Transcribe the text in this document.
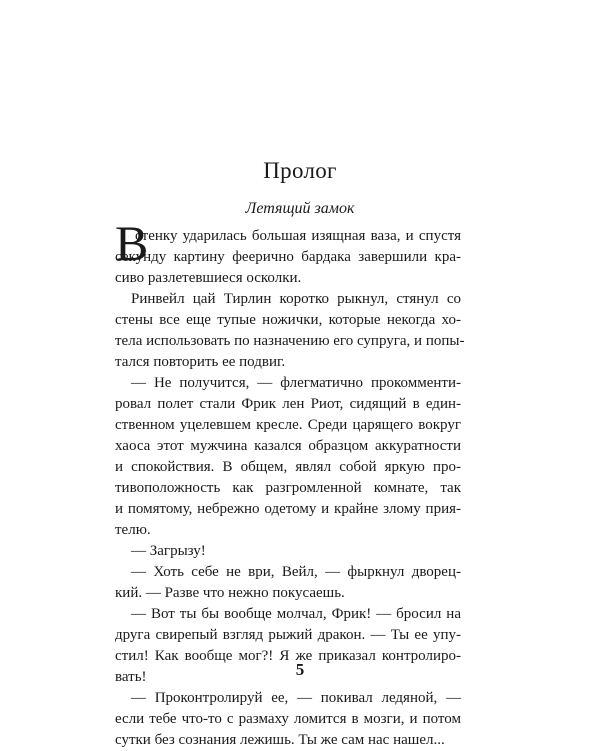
Пролог
Летящий замок
В
стенку ударилась большая изящная ваза, и спустя
секунду картину феерично бардака завершили кра-
сиво разлетевшиеся осколки.
Ринвейл цай Тирлин коротко рыкнул, стянул со
стены все еще тупые ножички, которые некогда хо-
тела использовать по назначению его супруга, и попы-
тался повторить ее подвиг.
— Не получится, — флегматично прокомменти-
ровал полет стали Фрик лен Риот, сидящий в един-
ственном уцелевшем кресле. Среди царящего вокруг
хаоса этот мужчина казался образцом аккуратности
и спокойствия. В общем, являл собой яркую про-
тивоположность как разгромленной комнате, так
и помятому, небрежно одетому и крайне злому прия-
телю.
— Загрызу!
— Хоть себе не ври, Вейл, — фыркнул дворец-
кий. — Разве что нежно покусаешь.
— Вот ты бы вообще молчал, Фрик! — бросил на
друга свирепый взгляд рыжий дракон. — Ты ее упу-
стил! Как вообще мог?! Я же приказал контролиро-
вать!
— Проконтролируй ее, — покивал ледяной, —
если тебе что-то с размаху ломится в мозги, и потом
сутки без сознания лежишь. Ты же сам нас нашел...
5
